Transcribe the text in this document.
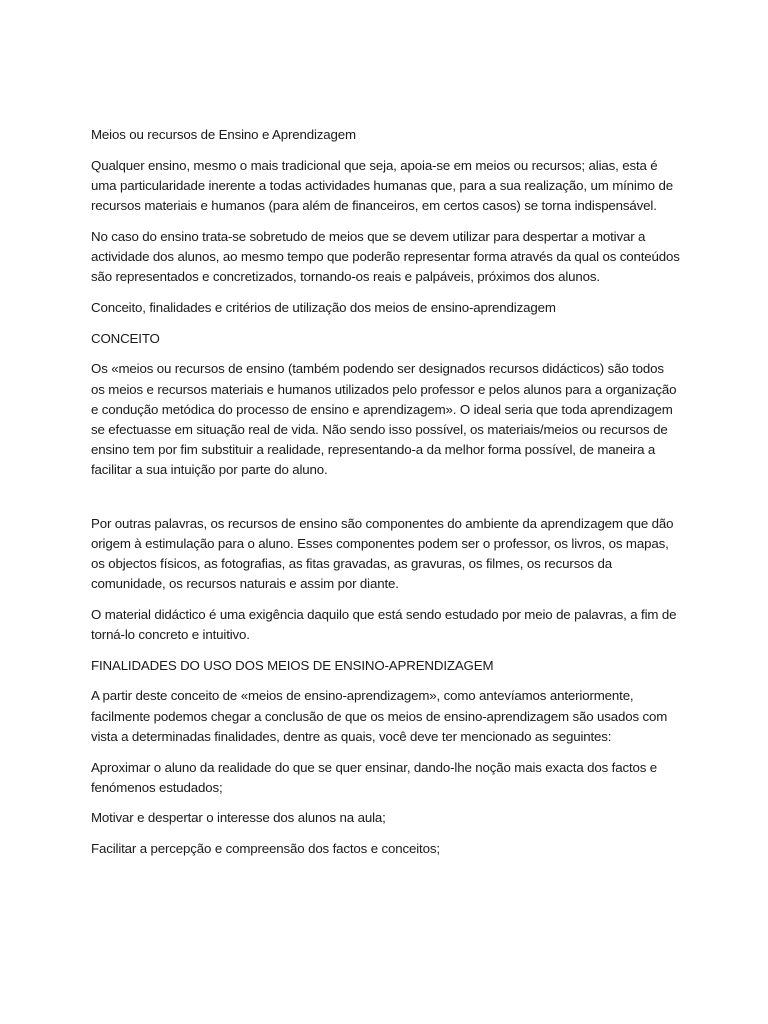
Meios ou recursos de Ensino e Aprendizagem

Qualquer ensino, mesmo o mais tradicional que seja, apoia-se em meios ou recursos; alias, esta é uma particularidade inerente a todas actividades humanas que, para a sua realização, um mínimo de recursos materiais e humanos (para além de financeiros, em certos casos) se torna indispensável.

No caso do ensino trata-se sobretudo de meios que se devem utilizar para despertar a motivar a actividade dos alunos, ao mesmo tempo que poderão representar forma através da qual os conteúdos são representados e concretizados, tornando-os reais e palpáveis, próximos dos alunos.

Conceito, finalidades e critérios de utilização dos meios de ensino-aprendizagem

CONCEITO

Os «meios ou recursos de ensino (também podendo ser designados recursos didácticos) são todos os meios e recursos materiais e humanos utilizados pelo professor e pelos alunos para a organização e condução metódica do processo de ensino e aprendizagem». O ideal seria que toda aprendizagem se efectuasse em situação real de vida. Não sendo isso possível, os materiais/meios ou recursos de ensino tem por fim substituir a realidade, representando-a da melhor forma possível, de maneira a facilitar a sua intuição por parte do aluno.

Por outras palavras, os recursos de ensino são componentes do ambiente da aprendizagem que dão origem à estimulação para o aluno. Esses componentes podem ser o professor, os livros, os mapas, os objectos físicos, as fotografias, as fitas gravadas, as gravuras, os filmes, os recursos da comunidade, os recursos naturais e assim por diante.

O material didáctico é uma exigência daquilo que está sendo estudado por meio de palavras, a fim de torná-lo concreto e intuitivo.

FINALIDADES DO USO DOS MEIOS DE ENSINO-APRENDIZAGEM

A partir deste conceito de «meios de ensino-aprendizagem», como antevíamos anteriormente, facilmente podemos chegar a conclusão de que os meios de ensino-aprendizagem são usados com vista a determinadas finalidades, dentre as quais, você deve ter mencionado as seguintes:

Aproximar o aluno da realidade do que se quer ensinar, dando-lhe noção mais exacta dos factos e fenómenos estudados;

Motivar e despertar o interesse dos alunos na aula;

Facilitar a percepção e compreensão dos factos e conceitos;
